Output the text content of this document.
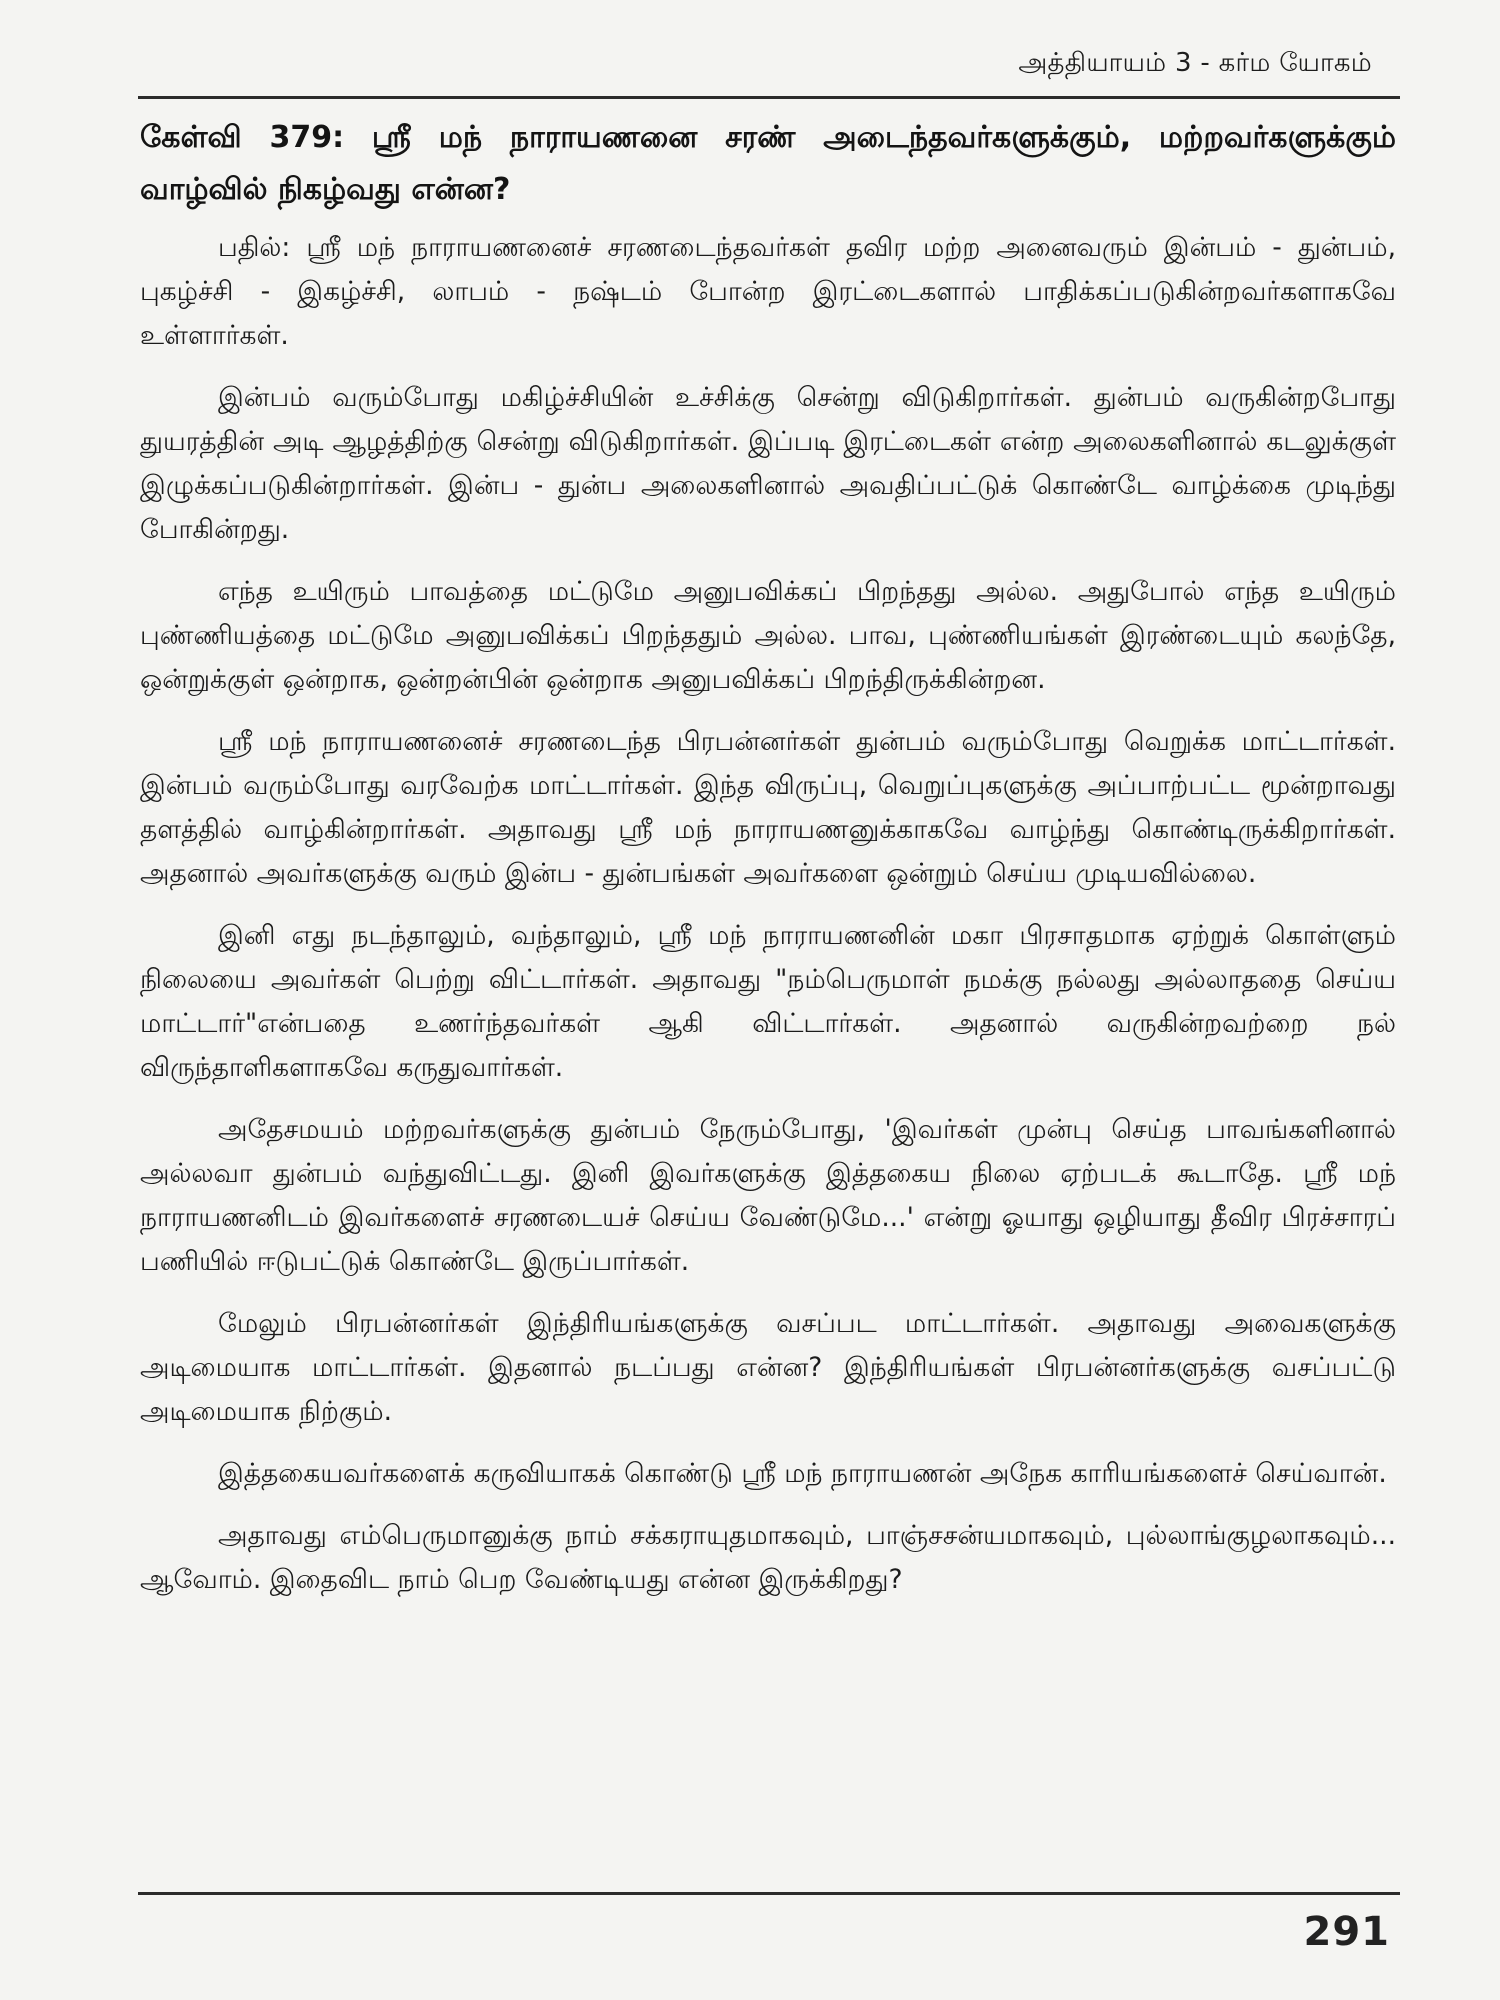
அத்தியாயம் 3 - கர்ம யோகம்

கேள்வி 379: ஸ்ரீ மந் நாராயணனை சரண் அடைந்தவர்களுக்கும், மற்றவர்களுக்கும் வாழ்வில் நிகழ்வது என்ன?

பதில்: ஸ்ரீ மந் நாராயணனைச் சரணடைந்தவர்கள் தவிர மற்ற அனைவரும் இன்பம் - துன்பம், புகழ்ச்சி - இகழ்ச்சி, லாபம் - நஷ்டம் போன்ற இரட்டைகளால் பாதிக்கப்படுகின்றவர்களாகவே உள்ளார்கள்.

இன்பம் வரும்போது மகிழ்ச்சியின் உச்சிக்கு சென்று விடுகிறார்கள். துன்பம் வருகின்றபோது துயரத்தின் அடி ஆழத்திற்கு சென்று விடுகிறார்கள். இப்படி இரட்டைகள் என்ற அலைகளினால் கடலுக்குள் இழுக்கப்படுகின்றார்கள். இன்ப - துன்ப அலைகளினால் அவதிப்பட்டுக் கொண்டே வாழ்க்கை முடிந்து போகின்றது.

எந்த உயிரும் பாவத்தை மட்டுமே அனுபவிக்கப் பிறந்தது அல்ல. அதுபோல் எந்த உயிரும் புண்ணியத்தை மட்டுமே அனுபவிக்கப் பிறந்ததும் அல்ல. பாவ, புண்ணியங்கள் இரண்டையும் கலந்தே, ஒன்றுக்குள் ஒன்றாக, ஒன்றன்பின் ஒன்றாக அனுபவிக்கப் பிறந்திருக்கின்றன.

ஸ்ரீ மந் நாராயணனைச் சரணடைந்த பிரபன்னர்கள் துன்பம் வரும்போது வெறுக்க மாட்டார்கள். இன்பம் வரும்போது வரவேற்க மாட்டார்கள். இந்த விருப்பு, வெறுப்புகளுக்கு அப்பாற்பட்ட மூன்றாவது தளத்தில் வாழ்கின்றார்கள். அதாவது ஸ்ரீ மந் நாராயணனுக்காகவே வாழ்ந்து கொண்டிருக்கிறார்கள். அதனால் அவர்களுக்கு வரும் இன்ப - துன்பங்கள் அவர்களை ஒன்றும் செய்ய முடியவில்லை.

இனி எது நடந்தாலும், வந்தாலும், ஸ்ரீ மந் நாராயணனின் மகா பிரசாதமாக ஏற்றுக் கொள்ளும் நிலையை அவர்கள் பெற்று விட்டார்கள். அதாவது "நம்பெருமாள் நமக்கு நல்லது அல்லாததை செய்ய மாட்டார்"என்பதை உணர்ந்தவர்கள் ஆகி விட்டார்கள். அதனால் வருகின்றவற்றை நல் விருந்தாளிகளாகவே கருதுவார்கள்.

அதேசமயம் மற்றவர்களுக்கு துன்பம் நேரும்போது, 'இவர்கள் முன்பு செய்த பாவங்களினால் அல்லவா துன்பம் வந்துவிட்டது. இனி இவர்களுக்கு இத்தகைய நிலை ஏற்படக் கூடாதே. ஸ்ரீ மந் நாராயணனிடம் இவர்களைச் சரணடையச் செய்ய வேண்டுமே...' என்று ஓயாது ஒழியாது தீவிர பிரச்சாரப் பணியில் ஈடுபட்டுக் கொண்டே இருப்பார்கள்.

மேலும் பிரபன்னர்கள் இந்திரியங்களுக்கு வசப்பட மாட்டார்கள். அதாவது அவைகளுக்கு அடிமையாக மாட்டார்கள். இதனால் நடப்பது என்ன? இந்திரியங்கள் பிரபன்னர்களுக்கு வசப்பட்டு அடிமையாக நிற்கும்.

இத்தகையவர்களைக் கருவியாகக் கொண்டு ஸ்ரீ மந் நாராயணன் அநேக காரியங்களைச் செய்வான்.

அதாவது எம்பெருமானுக்கு நாம் சக்கராயுதமாகவும், பாஞ்சசன்யமாகவும், புல்லாங்குழலாகவும்... ஆவோம். இதைவிட நாம் பெற வேண்டியது என்ன இருக்கிறது?

291
